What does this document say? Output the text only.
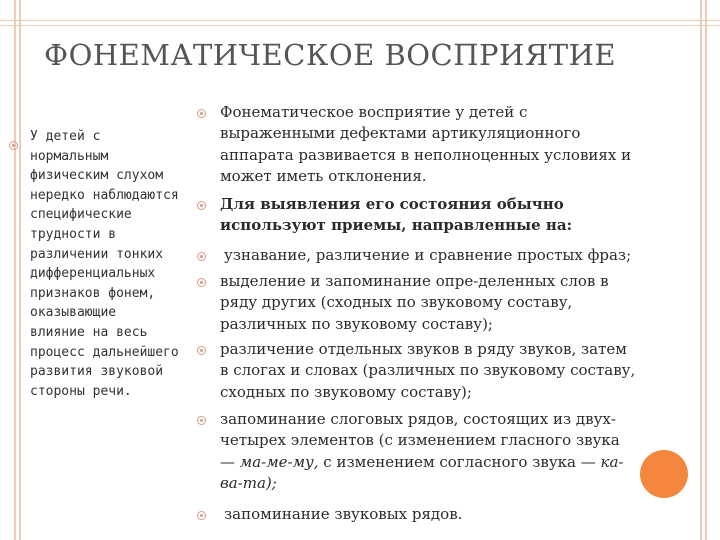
ФОНЕМАТИЧЕСКОЕ ВОСПРИЯТИЕ
У детей с
нормальным
физическим слухом
нередко наблюдаются
специфические
трудности в
различении тонких
дифференциальных
признаков фонем,
оказывающие
влияние на весь
процесс дальнейшего
развития звуковой
стороны речи.
Фонематическое восприятие у детей с
выраженными дефектами артикуляционного
аппарата развивается в неполноценных условиях и
может иметь отклонения.
Для выявления его состояния обычно
используют приемы, направленные на:
узнавание, различение и сравнение простых фраз;
выделение и запоминание опре-деленных слов в
ряду других (сходных по звуковому составу,
различных по звуковому составу);
различение отдельных звуков в ряду звуков, затем
в слогах и словах (различных по звуковому составу,
сходных по звуковому составу);
запоминание слоговых рядов, состоящих из двух-
четырех элементов (с изменением гласного звука
— ма-ме-му, с изменением согласного звука — ка-
ва-та);
запоминание звуковых рядов.
